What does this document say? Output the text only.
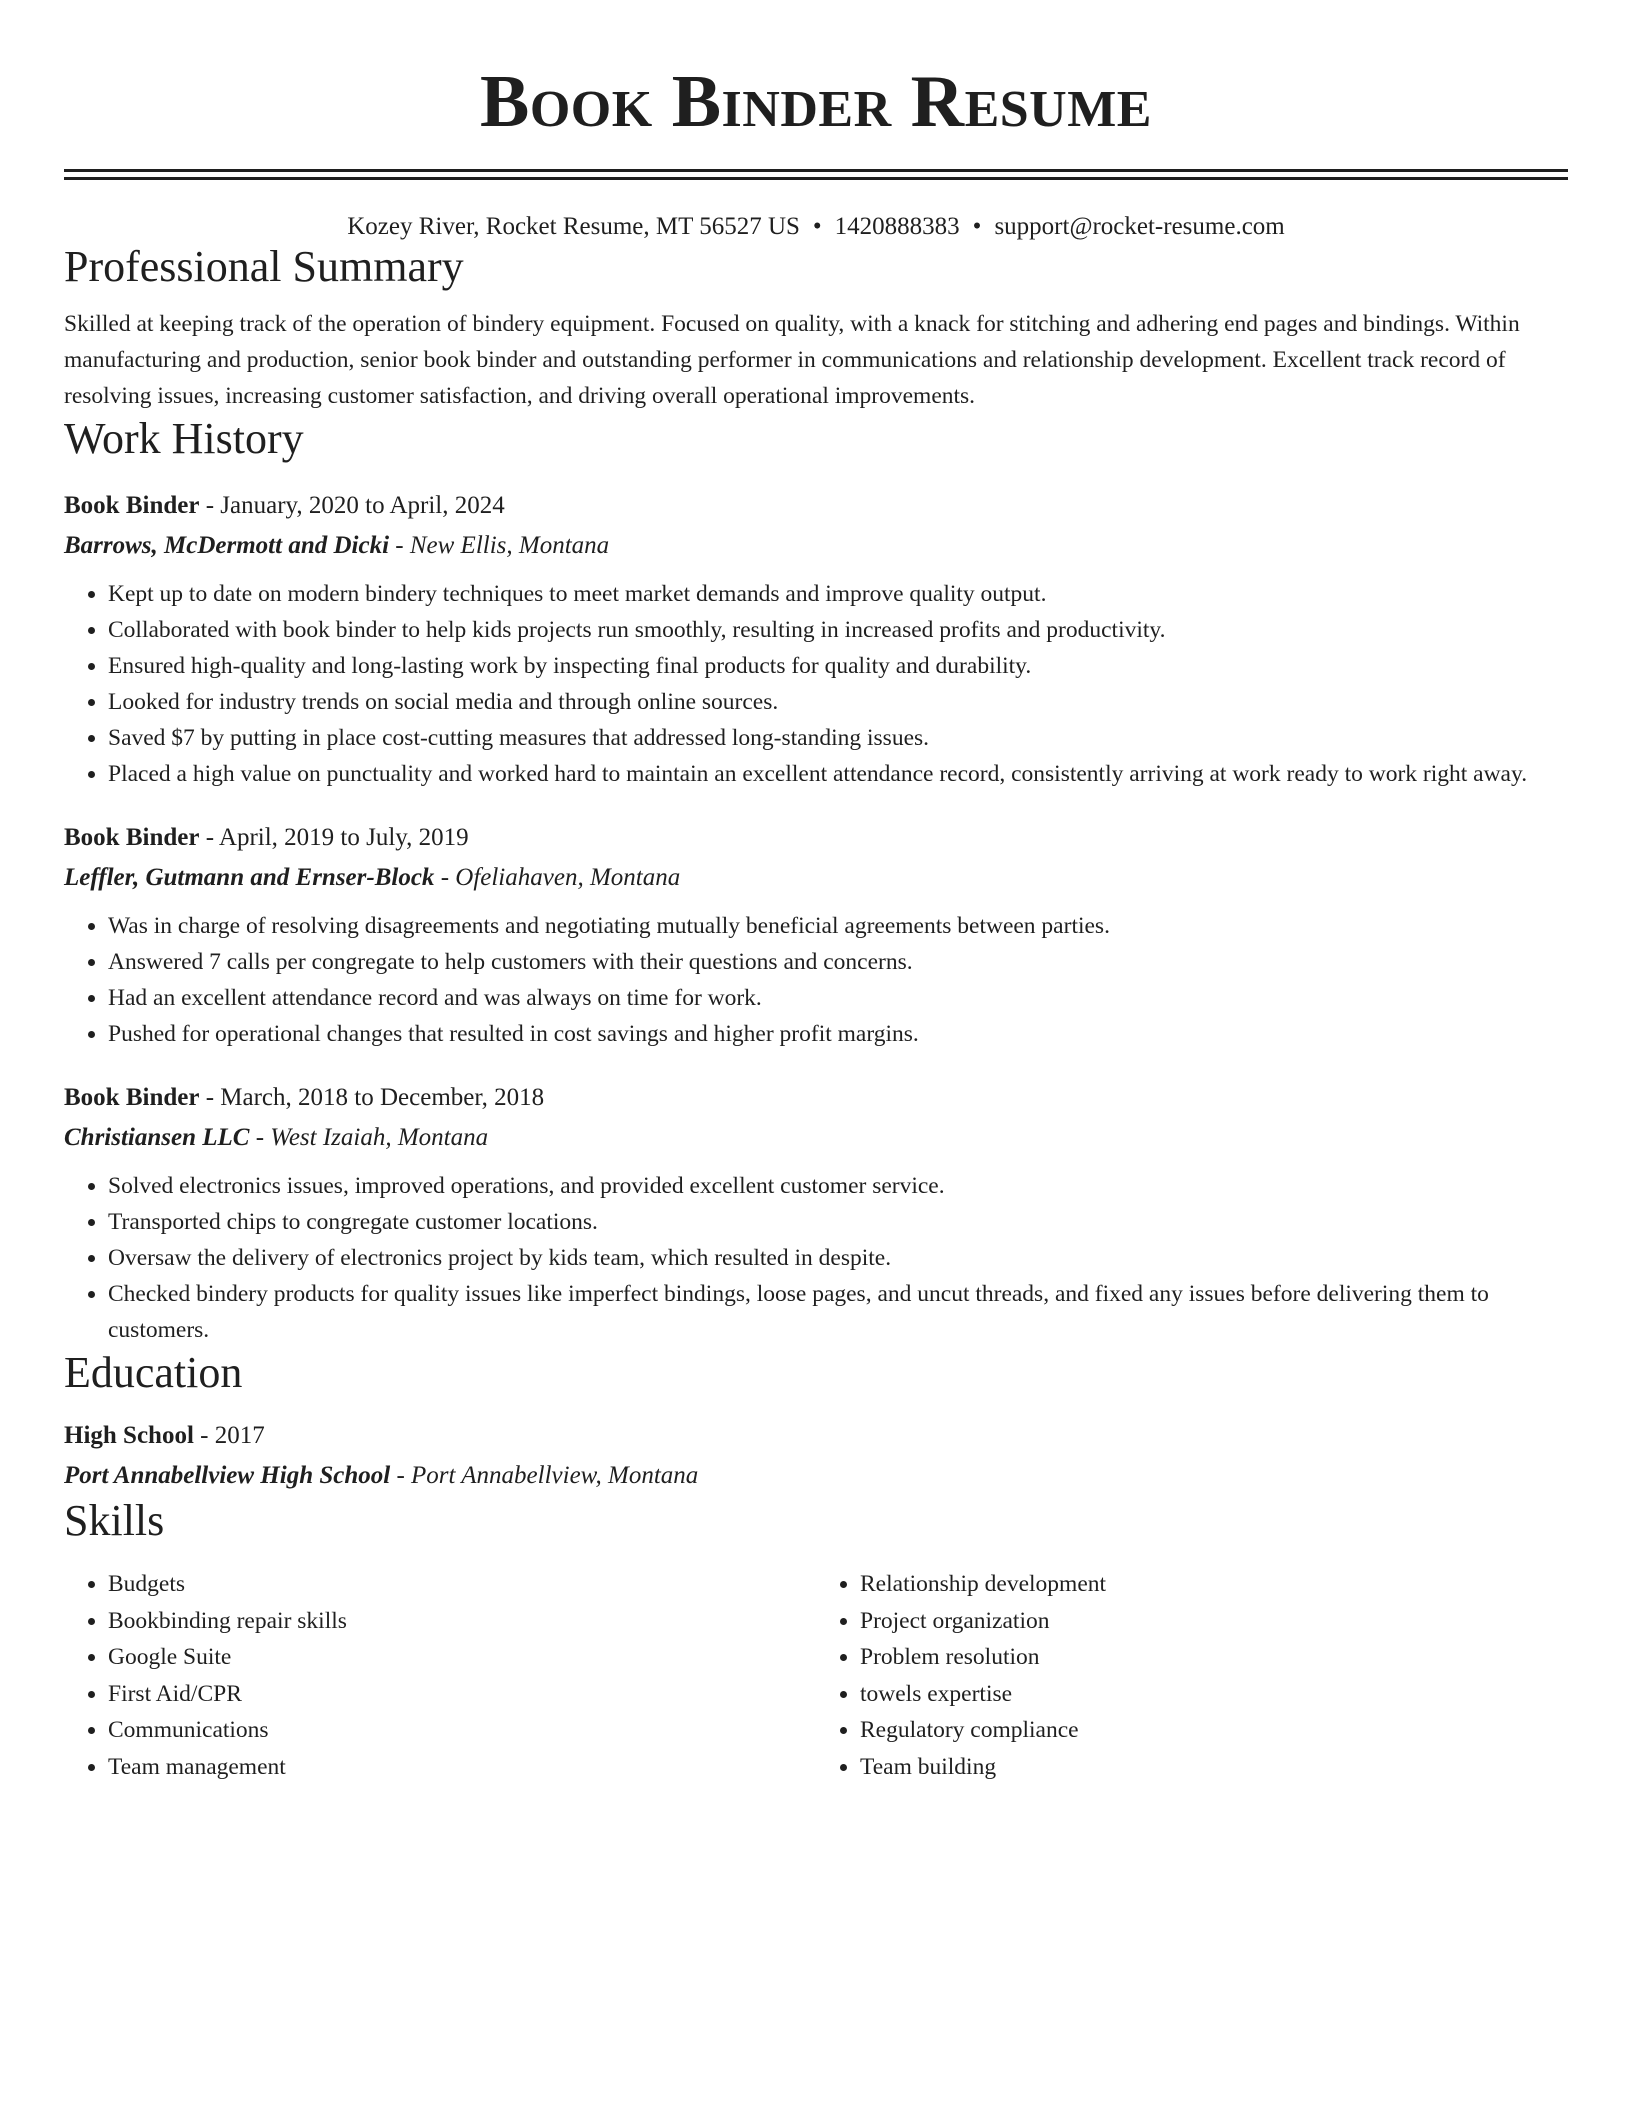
Book Binder Resume
Kozey River, Rocket Resume, MT 56527 US • 1420888383 • support@rocket-resume.com
Professional Summary
Skilled at keeping track of the operation of bindery equipment. Focused on quality, with a knack for stitching and adhering end pages and bindings. Within manufacturing and production, senior book binder and outstanding performer in communications and relationship development. Excellent track record of resolving issues, increasing customer satisfaction, and driving overall operational improvements.
Work History
Book Binder - January, 2020 to April, 2024
Barrows, McDermott and Dicki - New Ellis, Montana
• Kept up to date on modern bindery techniques to meet market demands and improve quality output.
• Collaborated with book binder to help kids projects run smoothly, resulting in increased profits and productivity.
• Ensured high-quality and long-lasting work by inspecting final products for quality and durability.
• Looked for industry trends on social media and through online sources.
• Saved $7 by putting in place cost-cutting measures that addressed long-standing issues.
• Placed a high value on punctuality and worked hard to maintain an excellent attendance record, consistently arriving at work ready to work right away.
Book Binder - April, 2019 to July, 2019
Leffler, Gutmann and Ernser-Block - Ofeliahaven, Montana
• Was in charge of resolving disagreements and negotiating mutually beneficial agreements between parties.
• Answered 7 calls per congregate to help customers with their questions and concerns.
• Had an excellent attendance record and was always on time for work.
• Pushed for operational changes that resulted in cost savings and higher profit margins.
Book Binder - March, 2018 to December, 2018
Christiansen LLC - West Izaiah, Montana
• Solved electronics issues, improved operations, and provided excellent customer service.
• Transported chips to congregate customer locations.
• Oversaw the delivery of electronics project by kids team, which resulted in despite.
• Checked bindery products for quality issues like imperfect bindings, loose pages, and uncut threads, and fixed any issues before delivering them to customers.
Education
High School - 2017
Port Annabellview High School - Port Annabellview, Montana
Skills
• Budgets
• Bookbinding repair skills
• Google Suite
• First Aid/CPR
• Communications
• Team management
• Relationship development
• Project organization
• Problem resolution
• towels expertise
• Regulatory compliance
• Team building
